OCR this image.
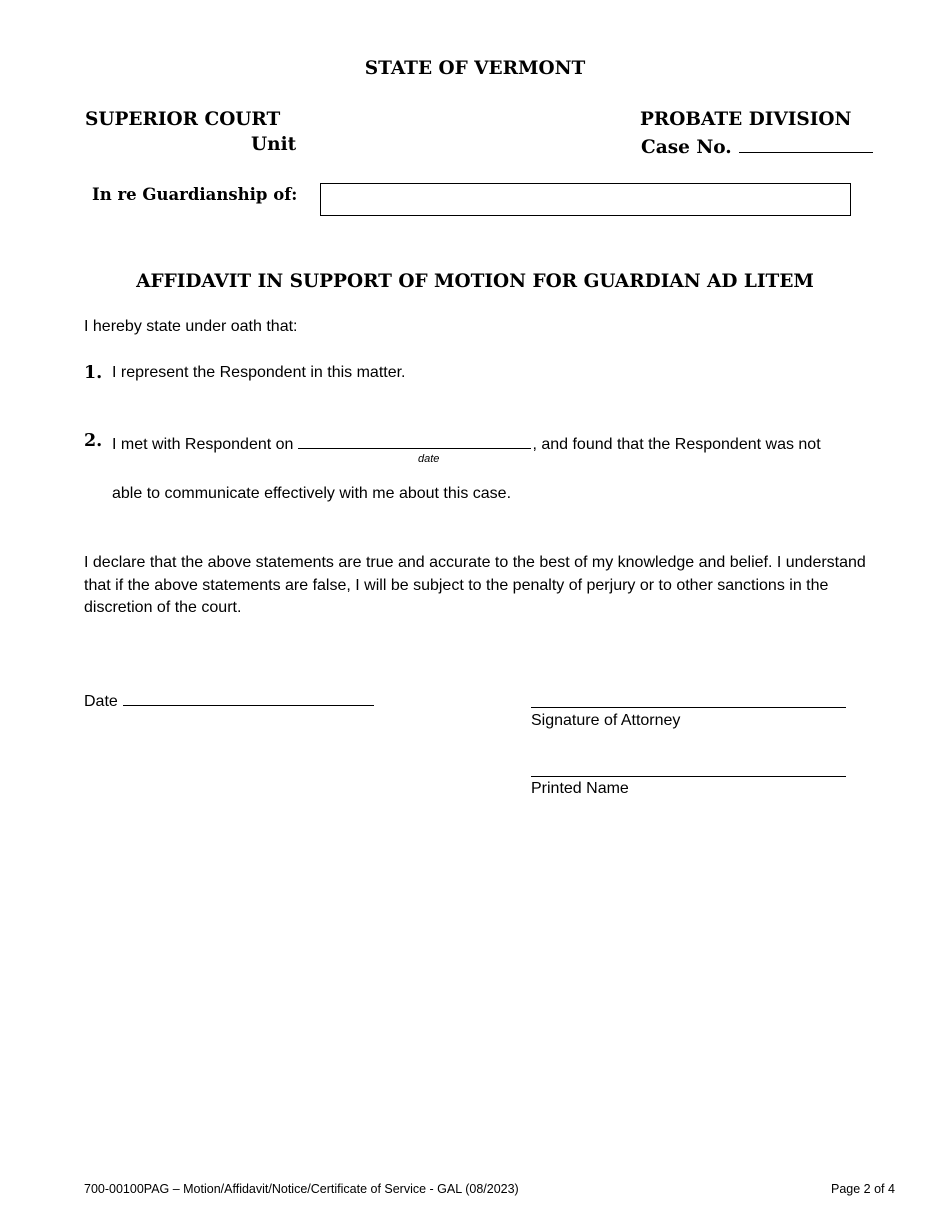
STATE OF VERMONT
SUPERIOR COURT
Unit
PROBATE DIVISION
Case No.
In re Guardianship of:
AFFIDAVIT IN SUPPORT OF MOTION FOR GUARDIAN AD LITEM
I hereby state under oath that:
1. I represent the Respondent in this matter.
2. I met with Respondent on	, and found that the Respondent was not
date
able to communicate effectively with me about this case.
I declare that the above statements are true and accurate to the best of my knowledge and belief. I understand that if the above statements are false, I will be subject to the penalty of perjury or to other sanctions in the discretion of the court.
Date
Signature of Attorney
Printed Name
700-00100PAG – Motion/Affidavit/Notice/Certificate of Service - GAL (08/2023)	Page 2 of 4
